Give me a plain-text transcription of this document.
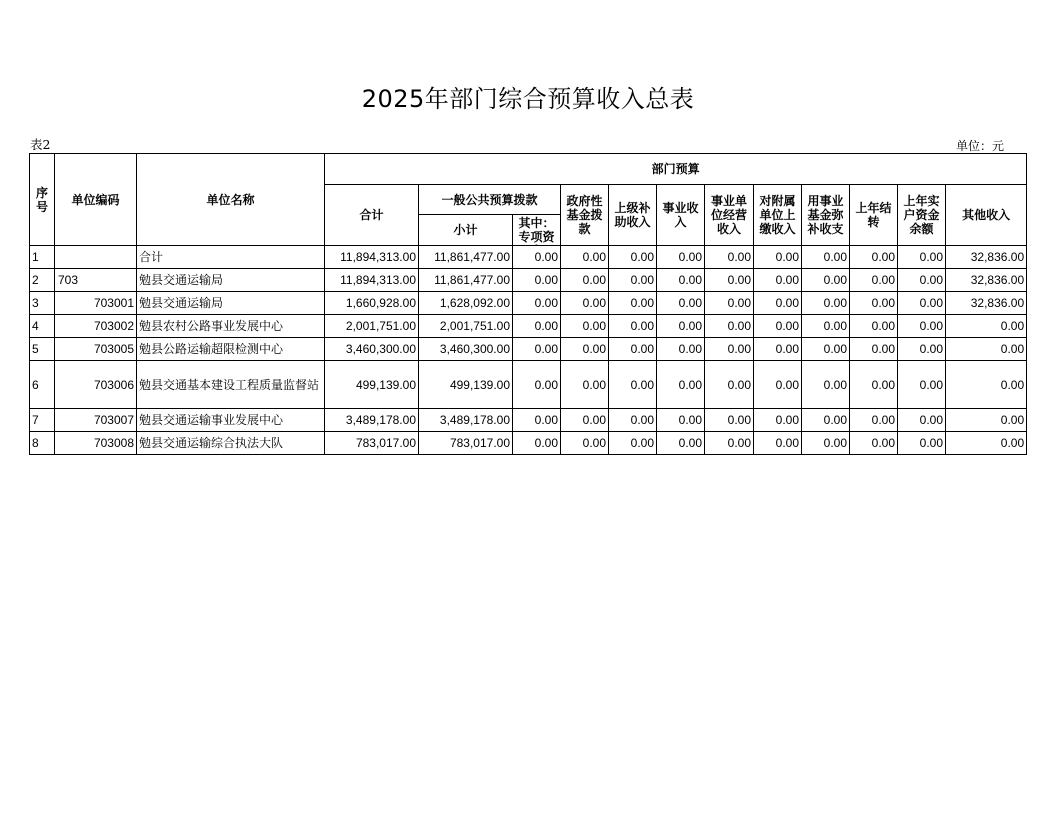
2025年部门综合预算收入总表
表2	单位：元
序号	单位编码	单位名称	部门预算											
			合计	一般公共预算拨款		政府性基金拨款	上级补助收入	事业收入	事业单位经营收入	对附属单位上缴收入	用事业基金弥补收支	上年结转	上年实户资金余额	其他收入
				小计	其中：专项资									

1		合计	11,894,313.00	11,861,477.00	0.00	0.00	0.00	0.00	0.00	0.00	0.00	0.00	0.00	32,836.00
2	703	勉县交通运输局	11,894,313.00	11,861,477.00	0.00	0.00	0.00	0.00	0.00	0.00	0.00	0.00	0.00	32,836.00
3	703001	勉县交通运输局	1,660,928.00	1,628,092.00	0.00	0.00	0.00	0.00	0.00	0.00	0.00	0.00	0.00	32,836.00
4	703002	勉县农村公路事业发展中心	2,001,751.00	2,001,751.00	0.00	0.00	0.00	0.00	0.00	0.00	0.00	0.00	0.00	0.00
5	703005	勉县公路运输超限检测中心	3,460,300.00	3,460,300.00	0.00	0.00	0.00	0.00	0.00	0.00	0.00	0.00	0.00	0.00
6	703006	勉县交通基本建设工程质量监督站	499,139.00	499,139.00	0.00	0.00	0.00	0.00	0.00	0.00	0.00	0.00	0.00	0.00
7	703007	勉县交通运输事业发展中心	3,489,178.00	3,489,178.00	0.00	0.00	0.00	0.00	0.00	0.00	0.00	0.00	0.00	0.00
8	703008	勉县交通运输综合执法大队	783,017.00	783,017.00	0.00	0.00	0.00	0.00	0.00	0.00	0.00	0.00	0.00	0.00
